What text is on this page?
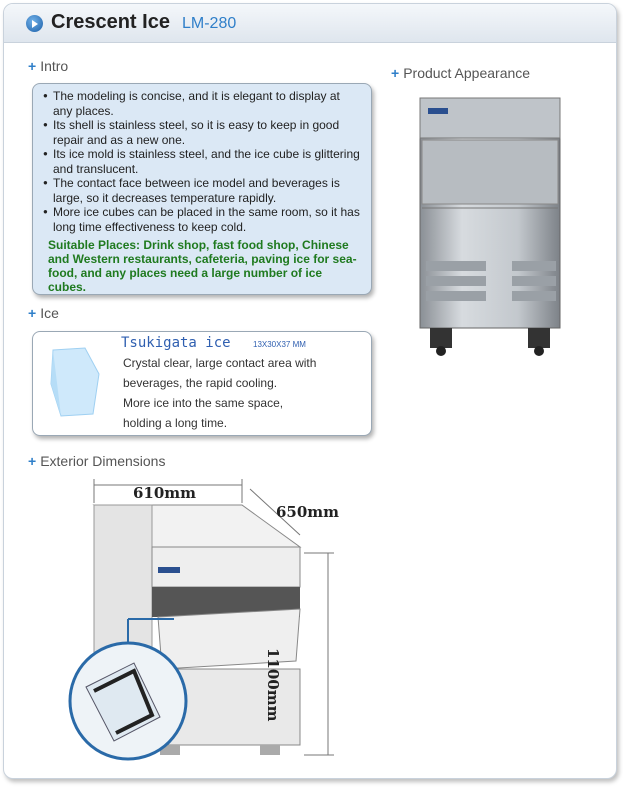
Crescent Ice LM-280
+ Intro
● The modeling is concise, and it is elegant to display at any places.
● Its shell is stainless steel, so it is easy to keep in good repair and as a new one.
● Its ice mold is stainless steel, and the ice cube is glittering and translucent.
● The contact face between ice model and beverages is large, so it decreases temperature rapidly.
● More ice cubes can be placed in the same room, so it has long time effectiveness to keep cold.
Suitable Places: Drink shop, fast food shop, Chinese and Western restaurants, cafeteria, paving ice for sea-food, and any places need a large number of ice cubes.
+ Product Appearance
+ Ice
Tsukigata ice	13X30X37 MM
Crystal clear, large contact area with
beverages, the rapid cooling.
More ice into the same space,
holding a long time.
+ Exterior Dimensions
610mm
650mm
1100mm
